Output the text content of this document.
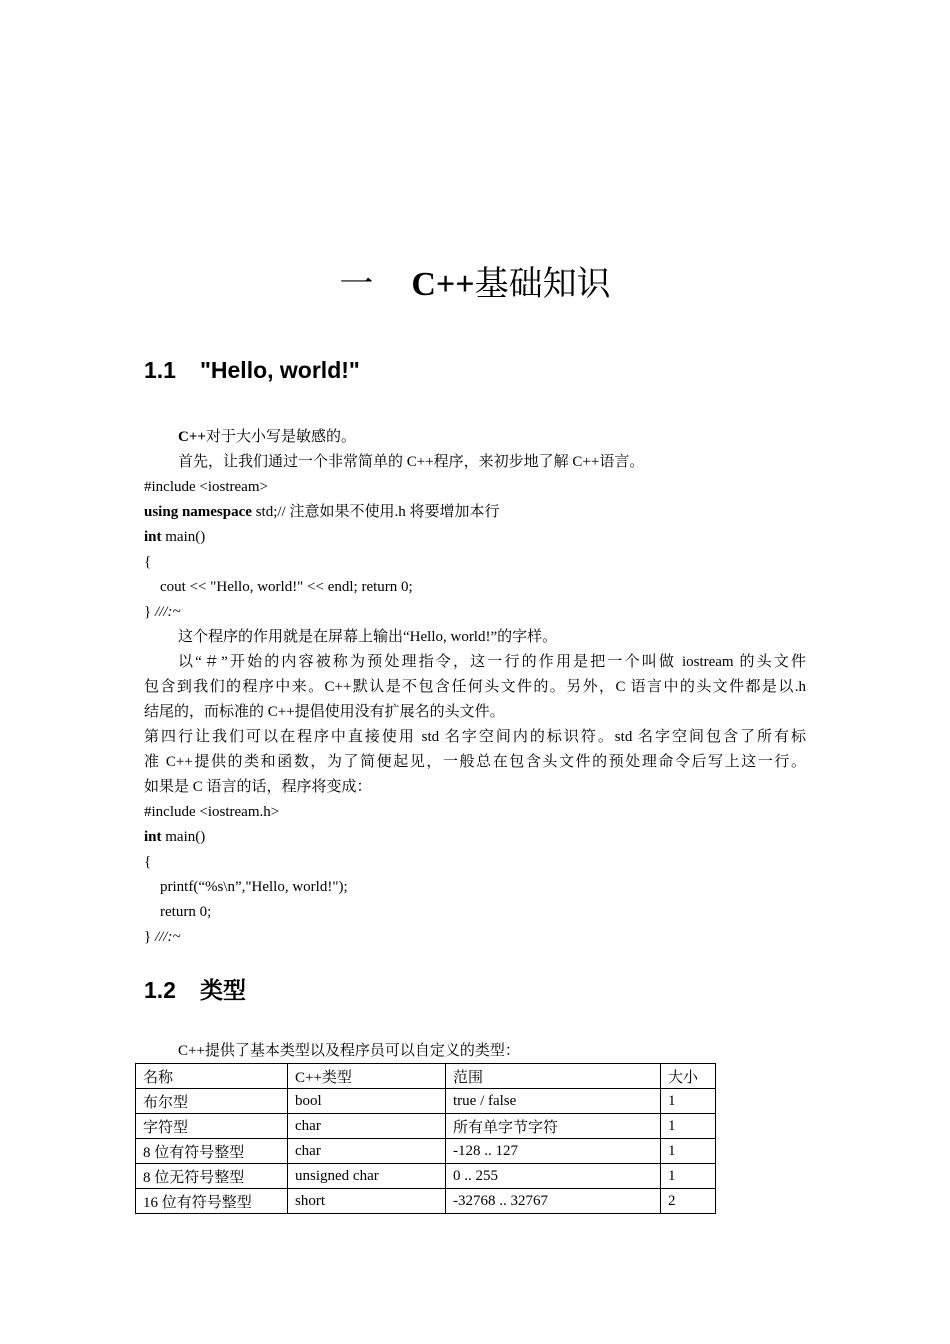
一 C++基础知识
1.1 "Hello, world!"
C++对于大小写是敏感的。
首先，让我们通过一个非常简单的 C++程序，来初步地了解 C++语言。
#include <iostream>
using namespace std;// 注意如果不使用.h 将要增加本行
int main()
{
cout << "Hello, world!" << endl; return 0;
} ///:~
这个程序的作用就是在屏幕上输出“Hello, world!”的字样。
以“＃”开始的内容被称为预处理指令，这一行的作用是把一个叫做 iostream 的头文件
包含到我们的程序中来。C++默认是不包含任何头文件的。另外，C 语言中的头文件都是以.h
结尾的，而标准的 C++提倡使用没有扩展名的头文件。
第四行让我们可以在程序中直接使用 std 名字空间内的标识符。std 名字空间包含了所有标
准 C++提供的类和函数，为了简便起见，一般总在包含头文件的预处理命令后写上这一行。
如果是 C 语言的话，程序将变成：
#include <iostream.h>
int main()
{
printf(“%s\n”,"Hello, world!");
return 0;
} ///:~
1.2 类型
C++提供了基本类型以及程序员可以自定义的类型：
名称	C++类型	范围	大小
布尔型	bool	true / false	1
字符型	char	所有单字节字符	1
8 位有符号整型	char	-128 .. 127	1
8 位无符号整型	unsigned char	0 .. 255	1
16 位有符号整型	short	-32768 .. 32767	2
